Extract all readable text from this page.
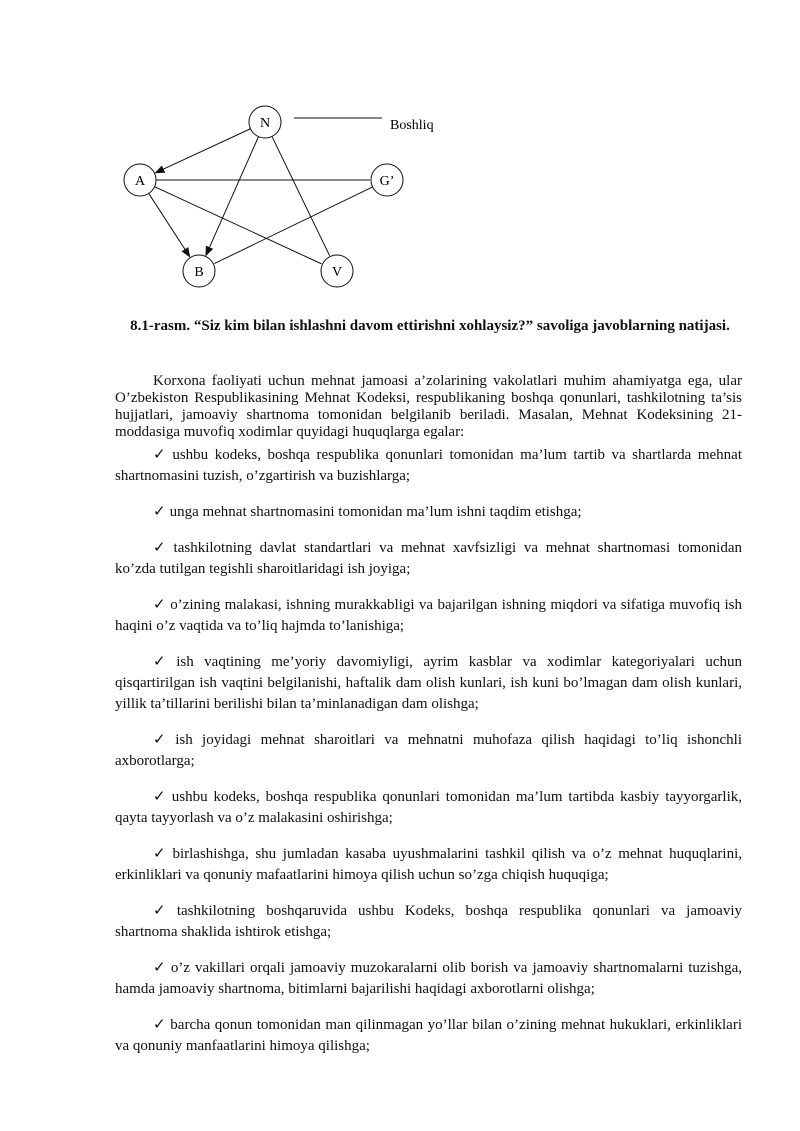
Boshliq
N
A	G’
B	V
8.1-rasm. “Siz kim bilan ishlashni davom ettirishni xohlaysiz?” savoliga javoblarning natijasi.
Korxona faoliyati uchun mehnat jamoasi a’zolarining vakolatlari muhim ahamiyatga ega, ular O’zbekiston Respublikasining Mehnat Kodeksi, respublikaning boshqa qonunlari, tashkilotning ta’sis hujjatlari, jamoaviy shartnoma tomonidan belgilanib beriladi. Masalan, Mehnat Kodeksining 21-moddasiga muvofiq xodimlar quyidagi huquqlarga egalar:

✓ ushbu kodeks, boshqa respublika qonunlari tomonidan ma’lum tartib va shartlarda mehnat shartnomasini tuzish, o’zgartirish va buzishlarga;

✓ unga mehnat shartnomasini tomonidan ma’lum ishni taqdim etishga;

✓ tashkilotning davlat standartlari va mehnat xavfsizligi va mehnat shartnomasi tomonidan ko’zda tutilgan tegishli sharoitlaridagi ish joyiga;

✓ o’zining malakasi, ishning murakkabligi va bajarilgan ishning miqdori va sifatiga muvofiq ish haqini o’z vaqtida va to’liq hajmda to’lanishiga;

✓ ish vaqtining me’yoriy davomiyligi, ayrim kasblar va xodimlar kategoriyalari uchun qisqartirilgan ish vaqtini belgilanishi, haftalik dam olish kunlari, ish kuni bo’lmagan dam olish kunlari, yillik ta’tillarini berilishi bilan ta’minlanadigan dam olishga;

✓ ish joyidagi mehnat sharoitlari va mehnatni muhofaza qilish haqidagi to’liq ishonchli axborotlarga;

✓ ushbu kodeks, boshqa respublika qonunlari tomonidan ma’lum tartibda kasbiy tayyorgarlik, qayta tayyorlash va o’z malakasini oshirishga;

✓ birlashishga, shu jumladan kasaba uyushmalarini tashkil qilish va o’z mehnat huquqlarini, erkinliklari va qonuniy mafaatlarini himoya qilish uchun so’zga chiqish huquqiga;

✓ tashkilotning boshqaruvida ushbu Kodeks, boshqa respublika qonunlari va jamoaviy shartnoma shaklida ishtirok etishga;

✓ o’z vakillari orqali jamoaviy muzokaralarni olib borish va jamoaviy shartnomalarni tuzishga, hamda jamoaviy shartnoma, bitimlarni bajarilishi haqidagi axborotlarni olishga;

✓ barcha qonun tomonidan man qilinmagan yo’llar bilan o’zining mehnat hukuklari, erkinliklari va qonuniy manfaatlarini himoya qilishga;
